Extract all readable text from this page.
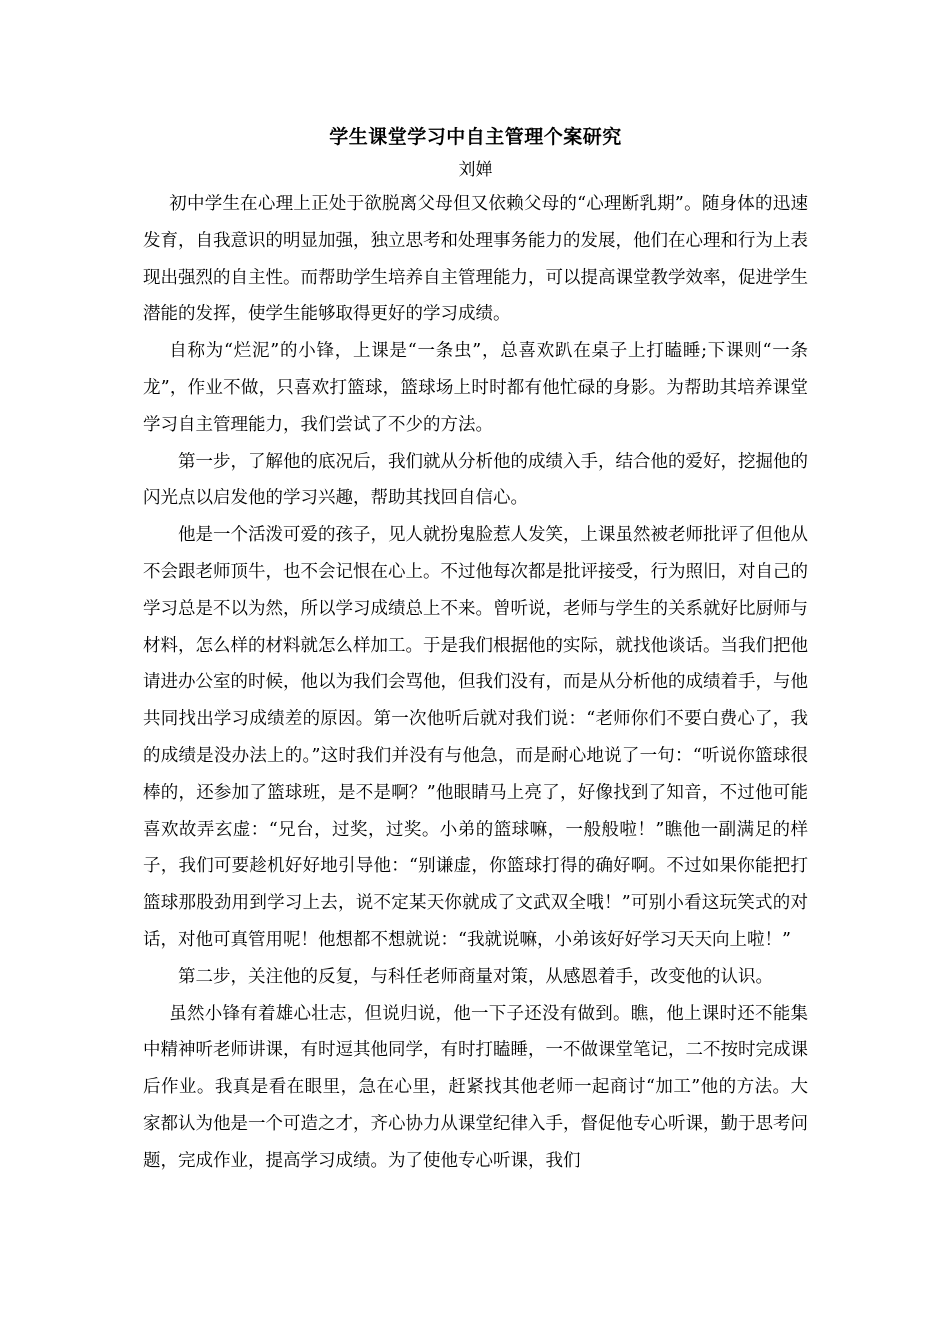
学生课堂学习中自主管理个案研究
刘婵

初中学生在心理上正处于欲脱离父母但又依赖父母的“心理断乳期”。随身体的迅速发育，自我意识的明显加强，独立思考和处理事务能力的发展，他们在心理和行为上表现出强烈的自主性。而帮助学生培养自主管理能力，可以提高课堂教学效率，促进学生潜能的发挥，使学生能够取得更好的学习成绩。

自称为“烂泥”的小锋，上课是“一条虫”，总喜欢趴在桌子上打瞌睡;下课则“一条龙”，作业不做，只喜欢打篮球，篮球场上时时都有他忙碌的身影。为帮助其培养课堂学习自主管理能力，我们尝试了不少的方法。

第一步，了解他的底况后，我们就从分析他的成绩入手，结合他的爱好，挖掘他的闪光点以启发他的学习兴趣，帮助其找回自信心。

他是一个活泼可爱的孩子，见人就扮鬼脸惹人发笑，上课虽然被老师批评了但他从不会跟老师顶牛，也不会记恨在心上。不过他每次都是批评接受，行为照旧，对自己的学习总是不以为然，所以学习成绩总上不来。曾听说，老师与学生的关系就好比厨师与材料，怎么样的材料就怎么样加工。于是我们根据他的实际，就找他谈话。当我们把他请进办公室的时候，他以为我们会骂他，但我们没有，而是从分析他的成绩着手，与他共同找出学习成绩差的原因。第一次他听后就对我们说：“老师你们不要白费心了，我的成绩是没办法上的。”这时我们并没有与他急，而是耐心地说了一句：“听说你篮球很棒的，还参加了篮球班，是不是啊？”他眼睛马上亮了，好像找到了知音，不过他可能喜欢故弄玄虚：“兄台，过奖，过奖。小弟的篮球嘛，一般般啦！”瞧他一副满足的样子，我们可要趁机好好地引导他：“别谦虚，你篮球打得的确好啊。不过如果你能把打篮球那股劲用到学习上去，说不定某天你就成了文武双全哦！”可别小看这玩笑式的对话，对他可真管用呢！他想都不想就说：“我就说嘛，小弟该好好学习天天向上啦！”

第二步，关注他的反复，与科任老师商量对策，从感恩着手，改变他的认识。

虽然小锋有着雄心壮志，但说归说，他一下子还没有做到。瞧，他上课时还不能集中精神听老师讲课，有时逗其他同学，有时打瞌睡，一不做课堂笔记，二不按时完成课后作业。我真是看在眼里，急在心里，赶紧找其他老师一起商讨“加工”他的方法。大家都认为他是一个可造之才，齐心协力从课堂纪律入手，督促他专心听课，勤于思考问题，完成作业，提高学习成绩。为了使他专心听课，我们
